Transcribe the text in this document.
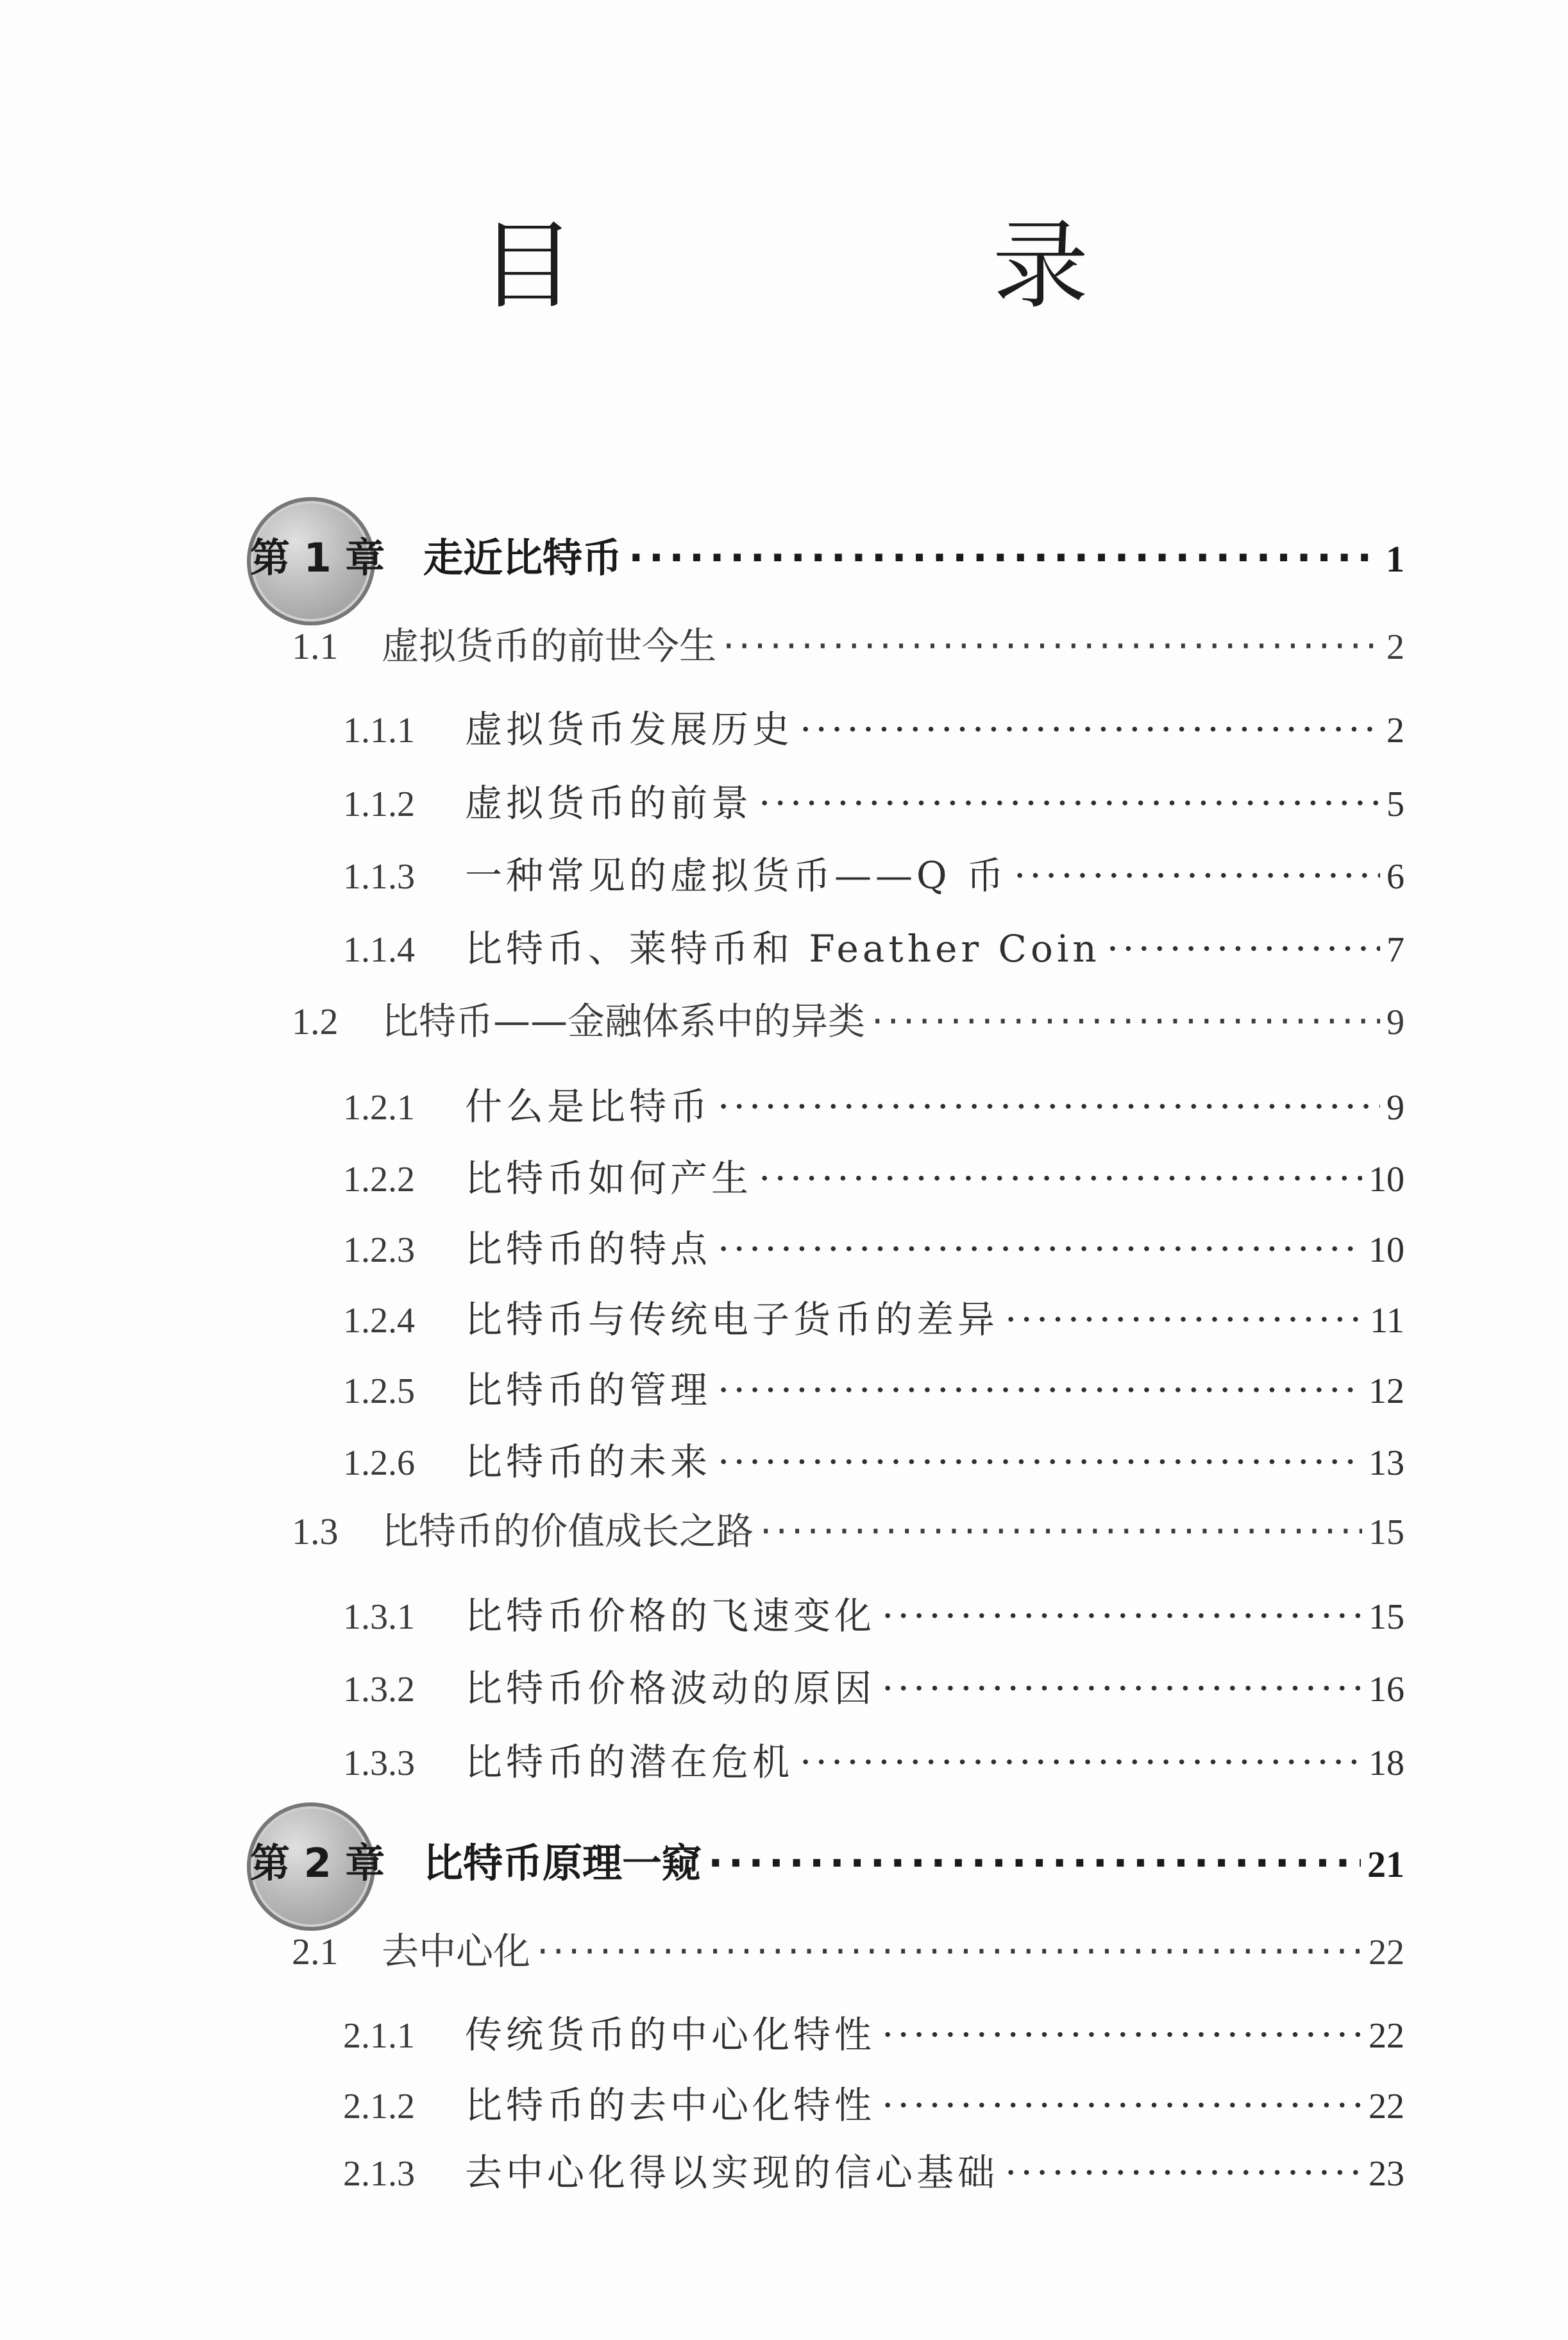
目　录
第 1 章 走近比特币 ·····	1
1.1	虚拟货币的前世今生 ·····	2
1.1.1	虚拟货币发展历史 ·····	2
1.1.2	虚拟货币的前景 ·····	5
1.1.3	一种常见的虚拟货币——Q 币 ·····	6
1.1.4	比特币、莱特币和 Feather Coin ·····	7
1.2	比特币——金融体系中的异类 ·····	9
1.2.1	什么是比特币 ·····	9
1.2.2	比特币如何产生 ·····	10
1.2.3	比特币的特点 ·····	10
1.2.4	比特币与传统电子货币的差异 ·····	11
1.2.5	比特币的管理 ·····	12
1.2.6	比特币的未来 ·····	13
1.3	比特币的价值成长之路 ·····	15
1.3.1	比特币价格的飞速变化 ·····	15
1.3.2	比特币价格波动的原因 ·····	16
1.3.3	比特币的潜在危机 ·····	18
第 2 章 比特币原理一窥 ·····	21
2.1	去中心化 ·····	22
2.1.1	传统货币的中心化特性 ·····	22
2.1.2	比特币的去中心化特性 ·····	22
2.1.3	去中心化得以实现的信心基础 ·····	23
